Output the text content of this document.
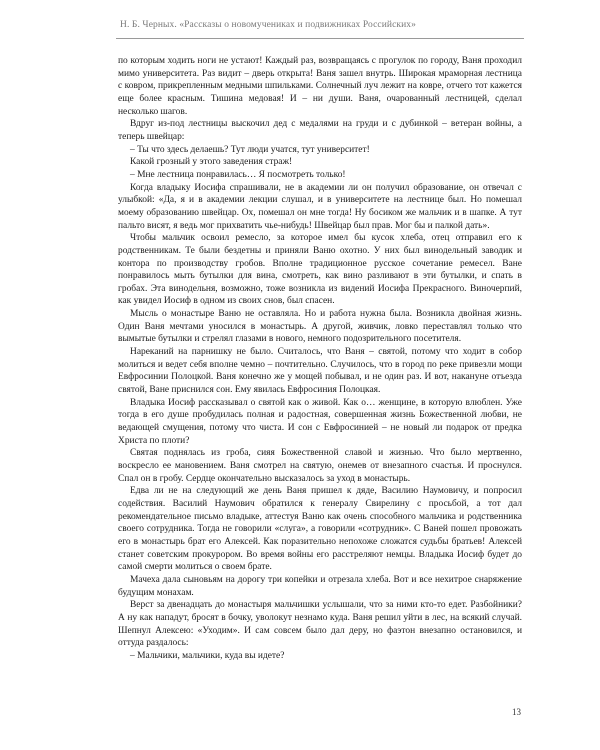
Н. Б. Черных. «Рассказы о новомучениках и подвижниках Российских»

по которым ходить ноги не устают! Каждый раз, возвращаясь с прогулок по городу, Ваня проходил мимо университета. Раз видит – дверь открыта! Ваня зашел внутрь. Широкая мраморная лестница с ковром, прикрепленным медными шпильками. Солнечный луч лежит на ковре, отчего тот кажется еще более красным. Тишина медовая! И – ни души. Ваня, очарованный лестницей, сделал несколько шагов.

Вдруг из-под лестницы выскочил дед с медалями на груди и с дубинкой – ветеран войны, а теперь швейцар:

– Ты что здесь делаешь? Тут люди учатся, тут университет!

Какой грозный у этого заведения страж!

– Мне лестница понравилась… Я посмотреть только!

Когда владыку Иосифа спрашивали, не в академии ли он получил образование, он отвечал с улыбкой: «Да, я и в академии лекции слушал, и в университете на лестнице был. Но помешал моему образованию швейцар. Ох, помешал он мне тогда! Ну босиком же мальчик и в шапке. А тут пальто висят, я ведь мог прихватить чье-нибудь! Швейцар был прав. Мог бы и палкой дать».

Чтобы мальчик освоил ремесло, за которое имел бы кусок хлеба, отец отправил его к родственникам. Те были бездетны и приняли Ваню охотно. У них был винодельный заводик и контора по производству гробов. Вполне традиционное русское сочетание ремесел. Ване понравилось мыть бутылки для вина, смотреть, как вино разливают в эти бутылки, и спать в гробах. Эта винодельня, возможно, тоже возникла из видений Иосифа Прекрасного. Виночерпий, как увидел Иосиф в одном из своих снов, был спасен.

Мысль о монастыре Ваню не оставляла. Но и работа нужна была. Возникла двойная жизнь. Один Ваня мечтами уносился в монастырь. А другой, живчик, ловко переставлял только что вымытые бутылки и стрелял глазами в нового, немного подозрительного посетителя.

Нареканий на парнишку не было. Считалось, что Ваня – святой, потому что ходит в собор молиться и ведет себя вполне чемно – почтительно. Случилось, что в город по реке привезли мощи Евфросинии Полоцкой. Ваня конечно же у мощей побывал, и не один раз. И вот, накануне отъезда святой, Ване приснился сон. Ему явилась Евфросиния Полоцкая.

Владыка Иосиф рассказывал о святой как о живой. Как о… женщине, в которую влюблен. Уже тогда в его душе пробудилась полная и радостная, совершенная жизнь Божественной любви, не ведающей смущения, потому что чиста. И сон с Евфросинией – не новый ли подарок от предка Христа по плоти?

Святая поднялась из гроба, сияя Божественной славой и жизнью. Что было мертвенно, воскресло ее мановением. Ваня смотрел на святую, онемев от внезапного счастья. И проснулся. Спал он в гробу. Сердце окончательно высказалось за уход в монастырь.

Едва ли не на следующий же день Ваня пришел к дяде, Василию Наумовичу, и попросил содействия. Василий Наумович обратился к генералу Свирелину с просьбой, а тот дал рекомендательное письмо владыке, аттестуя Ваню как очень способного мальчика и родственника своего сотрудника. Тогда не говорили «слуга», а говорили «сотрудник». С Ваней пошел провожать его в монастырь брат его Алексей. Как поразительно непохоже сложатся судьбы братьев! Алексей станет советским прокурором. Во время войны его расстреляют немцы. Владыка Иосиф будет до самой смерти молиться о своем брате.

Мачеха дала сыновьям на дорогу три копейки и отрезала хлеба. Вот и все нехитрое снаряжение будущим монахам.

Верст за двенадцать до монастыря мальчишки услышали, что за ними кто-то едет. Разбойники? А ну как нападут, бросят в бочку, уволокут незнамо куда. Ваня решил уйти в лес, на всякий случай. Шепнул Алексею: «Уходим». И сам совсем было дал деру, но фаэтон внезапно остановился, и оттуда раздалось:

– Мальчики, мальчики, куда вы идете?

13
